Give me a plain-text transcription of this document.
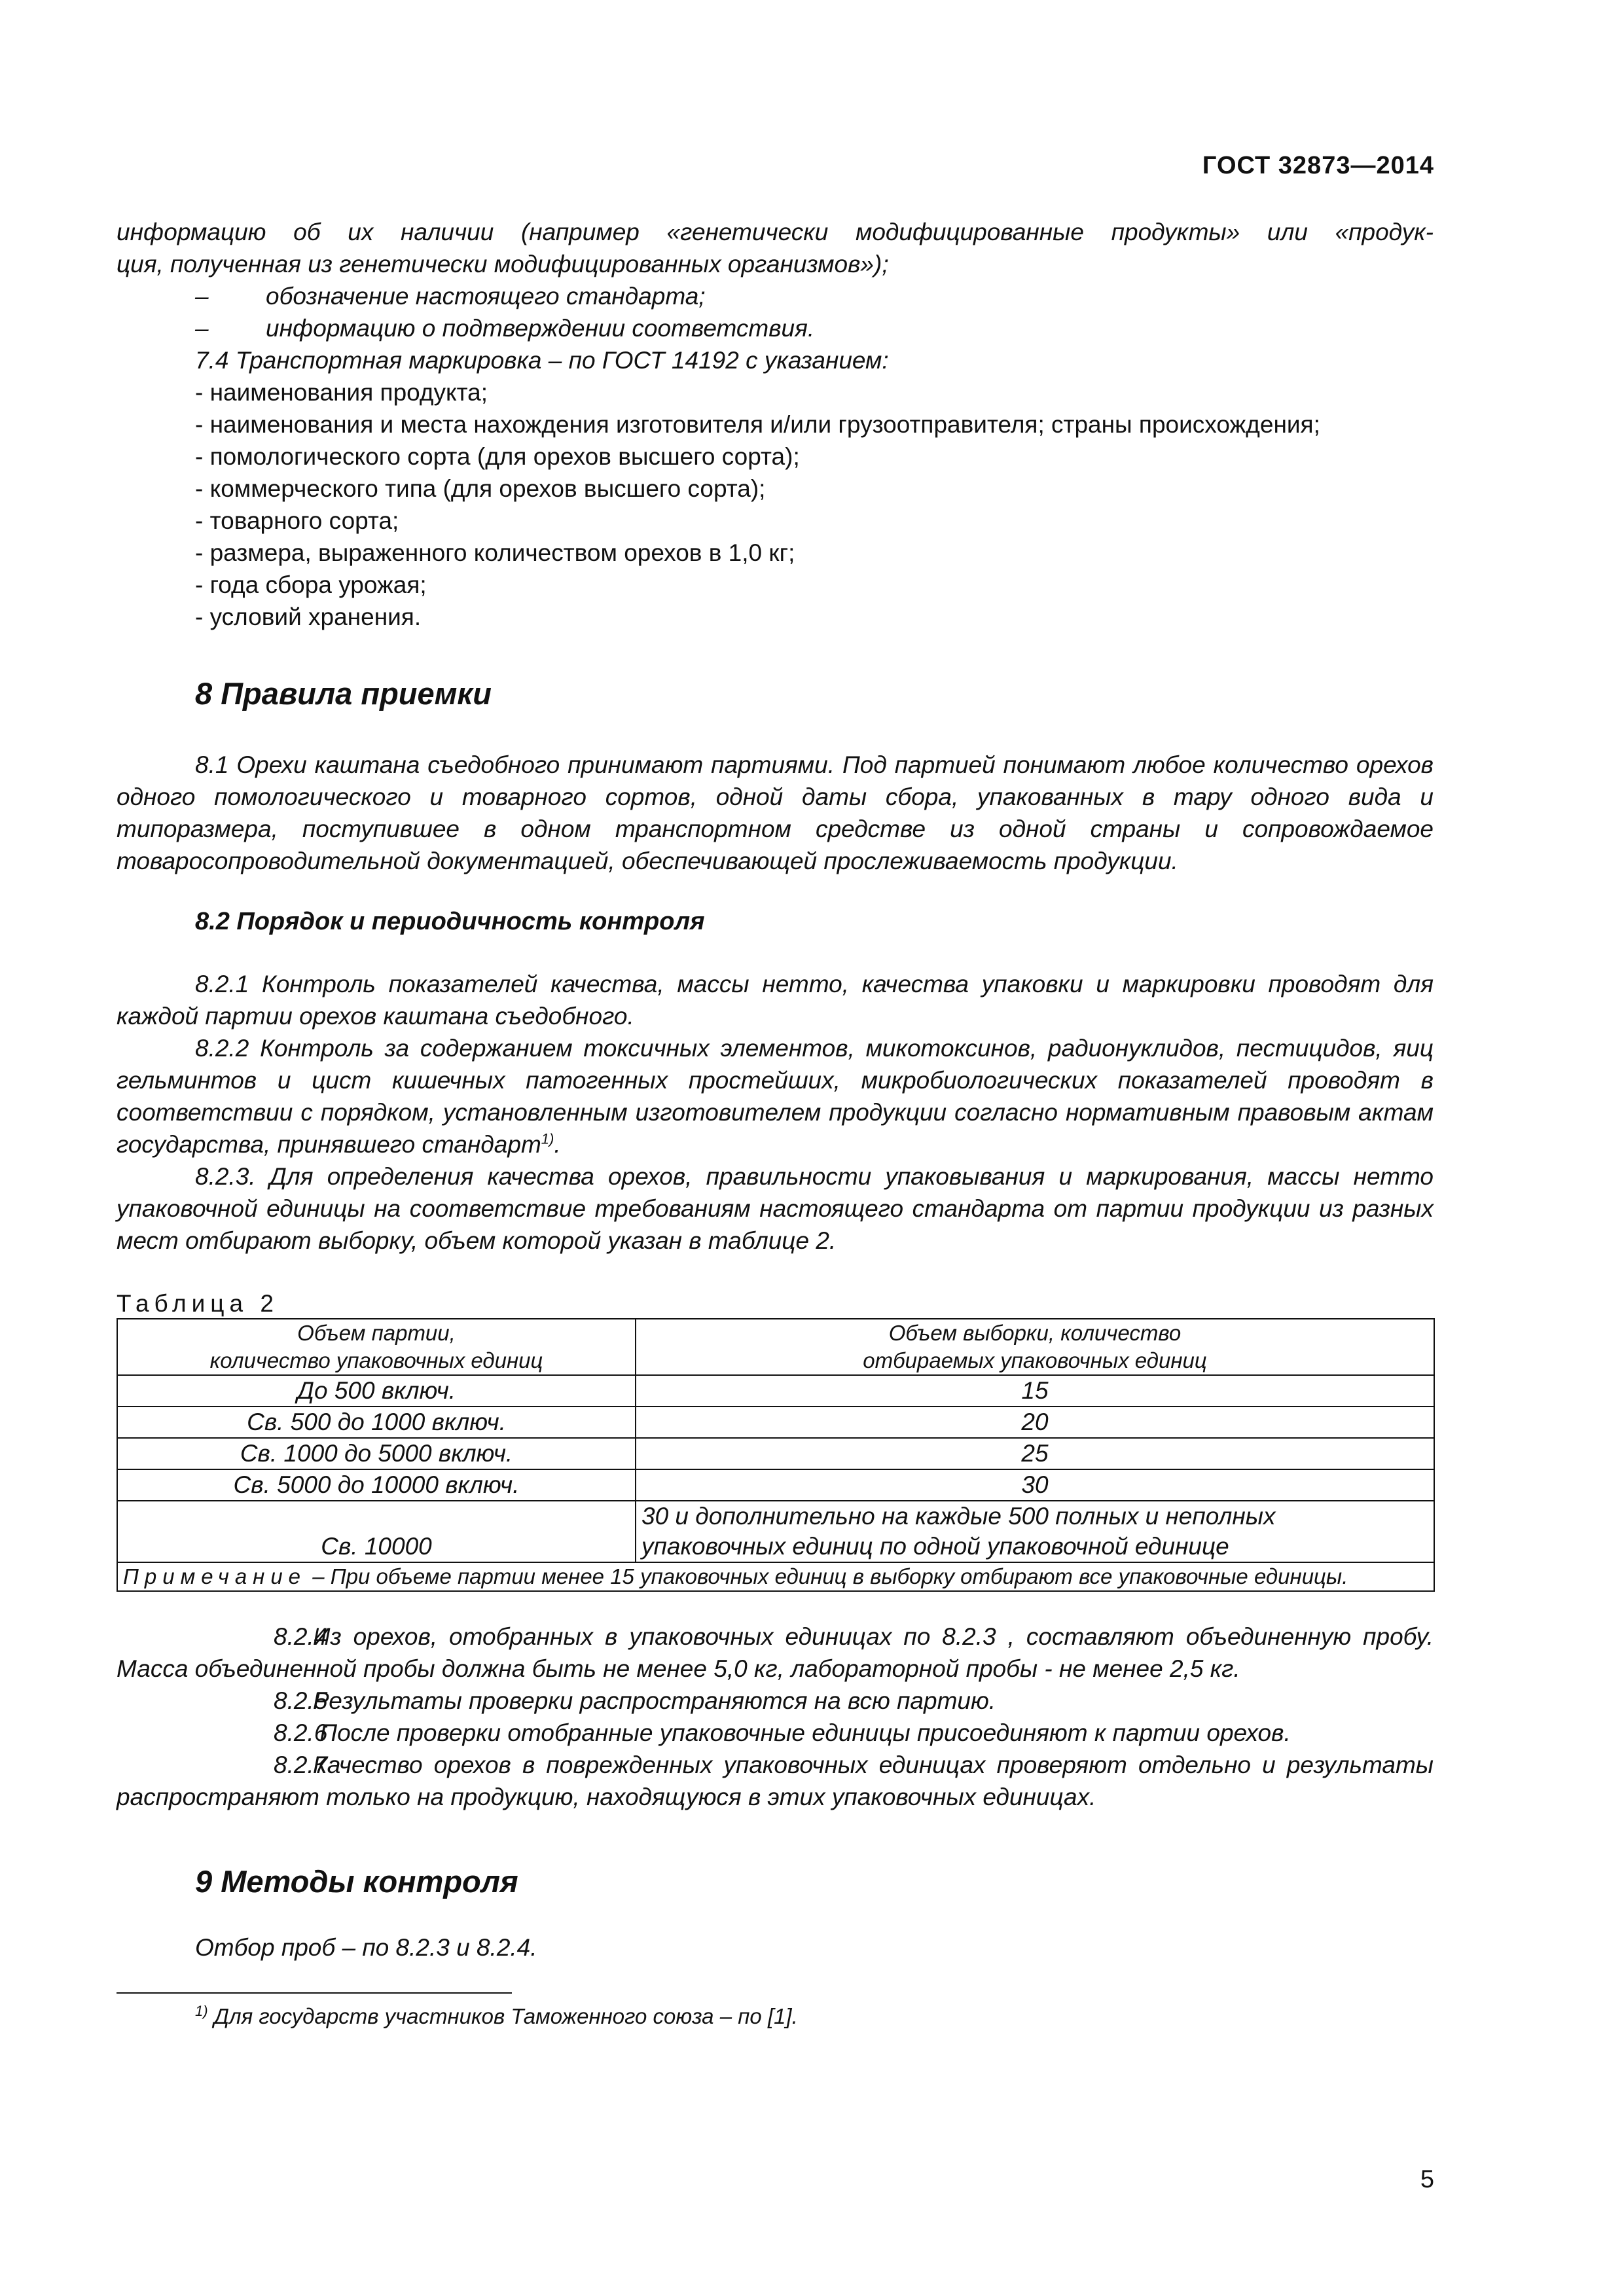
ГОСТ 32873—2014

информацию об их наличии (например «генетически модифицированные продукты» или «продук-

ция, полученная из генетически модифицированных организмов»);

– обозначение настоящего стандарта;

– информацию о подтверждении соответствия.

7.4 Транспортная маркировка – по ГОСТ 14192 с указанием:

- наименования продукта;

- наименования и места нахождения изготовителя и/или грузоотправителя; страны происхождения;

- помологического сорта (для орехов высшего сорта);

- коммерческого типа (для орехов высшего сорта);

- товарного сорта;

- размера, выраженного количеством орехов в 1,0 кг;

- года сбора урожая;

- условий хранения.

8 Правила приемки

8.1 Орехи каштана съедобного принимают партиями. Под партией понимают любое количество орехов одного помологического и товарного сортов, одной даты сбора, упакованных в тару одного вида и типоразмера, поступившее в одном транспортном средстве из одной страны и сопровождаемое товаросопроводительной документацией, обеспечивающей прослеживаемость продукции.

8.2 Порядок и периодичность контроля

8.2.1 Контроль показателей качества, массы нетто, качества упаковки и маркировки проводят для каждой партии орехов каштана съедобного.

8.2.2 Контроль за содержанием токсичных элементов, микотоксинов, радионуклидов, пестицидов, яиц гельминтов и цист кишечных патогенных простейших, микробиологических показателей проводят в соответствии с порядком, установленным изготовителем продукции согласно нормативным правовым актам государства, принявшего стандарт$^{1)}$.

8.2.3. Для определения качества орехов, правильности упаковывания и маркирования, массы нетто упаковочной единицы на соответствие требованиям настоящего стандарта от партии продукции из разных мест отбирают выборку, объем которой указан в таблице 2.

Таблица 2
Объем партии,
количество упаковочных единиц	Объем выборки, количество
отбираемых упаковочных единиц
До 500 включ.	15
Св. 500 до 1000 включ.	20
Св. 1000 до 5000 включ.	25
Св. 5000 до 10000 включ.	30
Св. 10000	30 и дополнительно на каждые 500 полных и неполных
упаковочных единиц по одной упаковочной единице
Примечание – При объеме партии менее 15 упаковочных единиц в выборку отбирают все упаковочные единицы.	

8.2.4Из орехов, отобранных в упаковочных единицах по 8.2.3 , составляют объединенную пробу. Масса объединенной пробы должна быть не менее 5,0 кг, лабораторной пробы - не менее 2,5 кг.

8.2.5Результаты проверки распространяются на всю партию.

8.2.6 После проверки отобранные упаковочные единицы присоединяют к партии орехов.

8.2.7Качество орехов в поврежденных упаковочных единицах проверяют отдельно и результаты распространяют только на продукцию, находящуюся в этих упаковочных единицах.

9 Методы контроля

Отбор проб – по 8.2.3 и 8.2.4.

$^{1)}$ Для государств участников Таможенного союза – по [1].

5
